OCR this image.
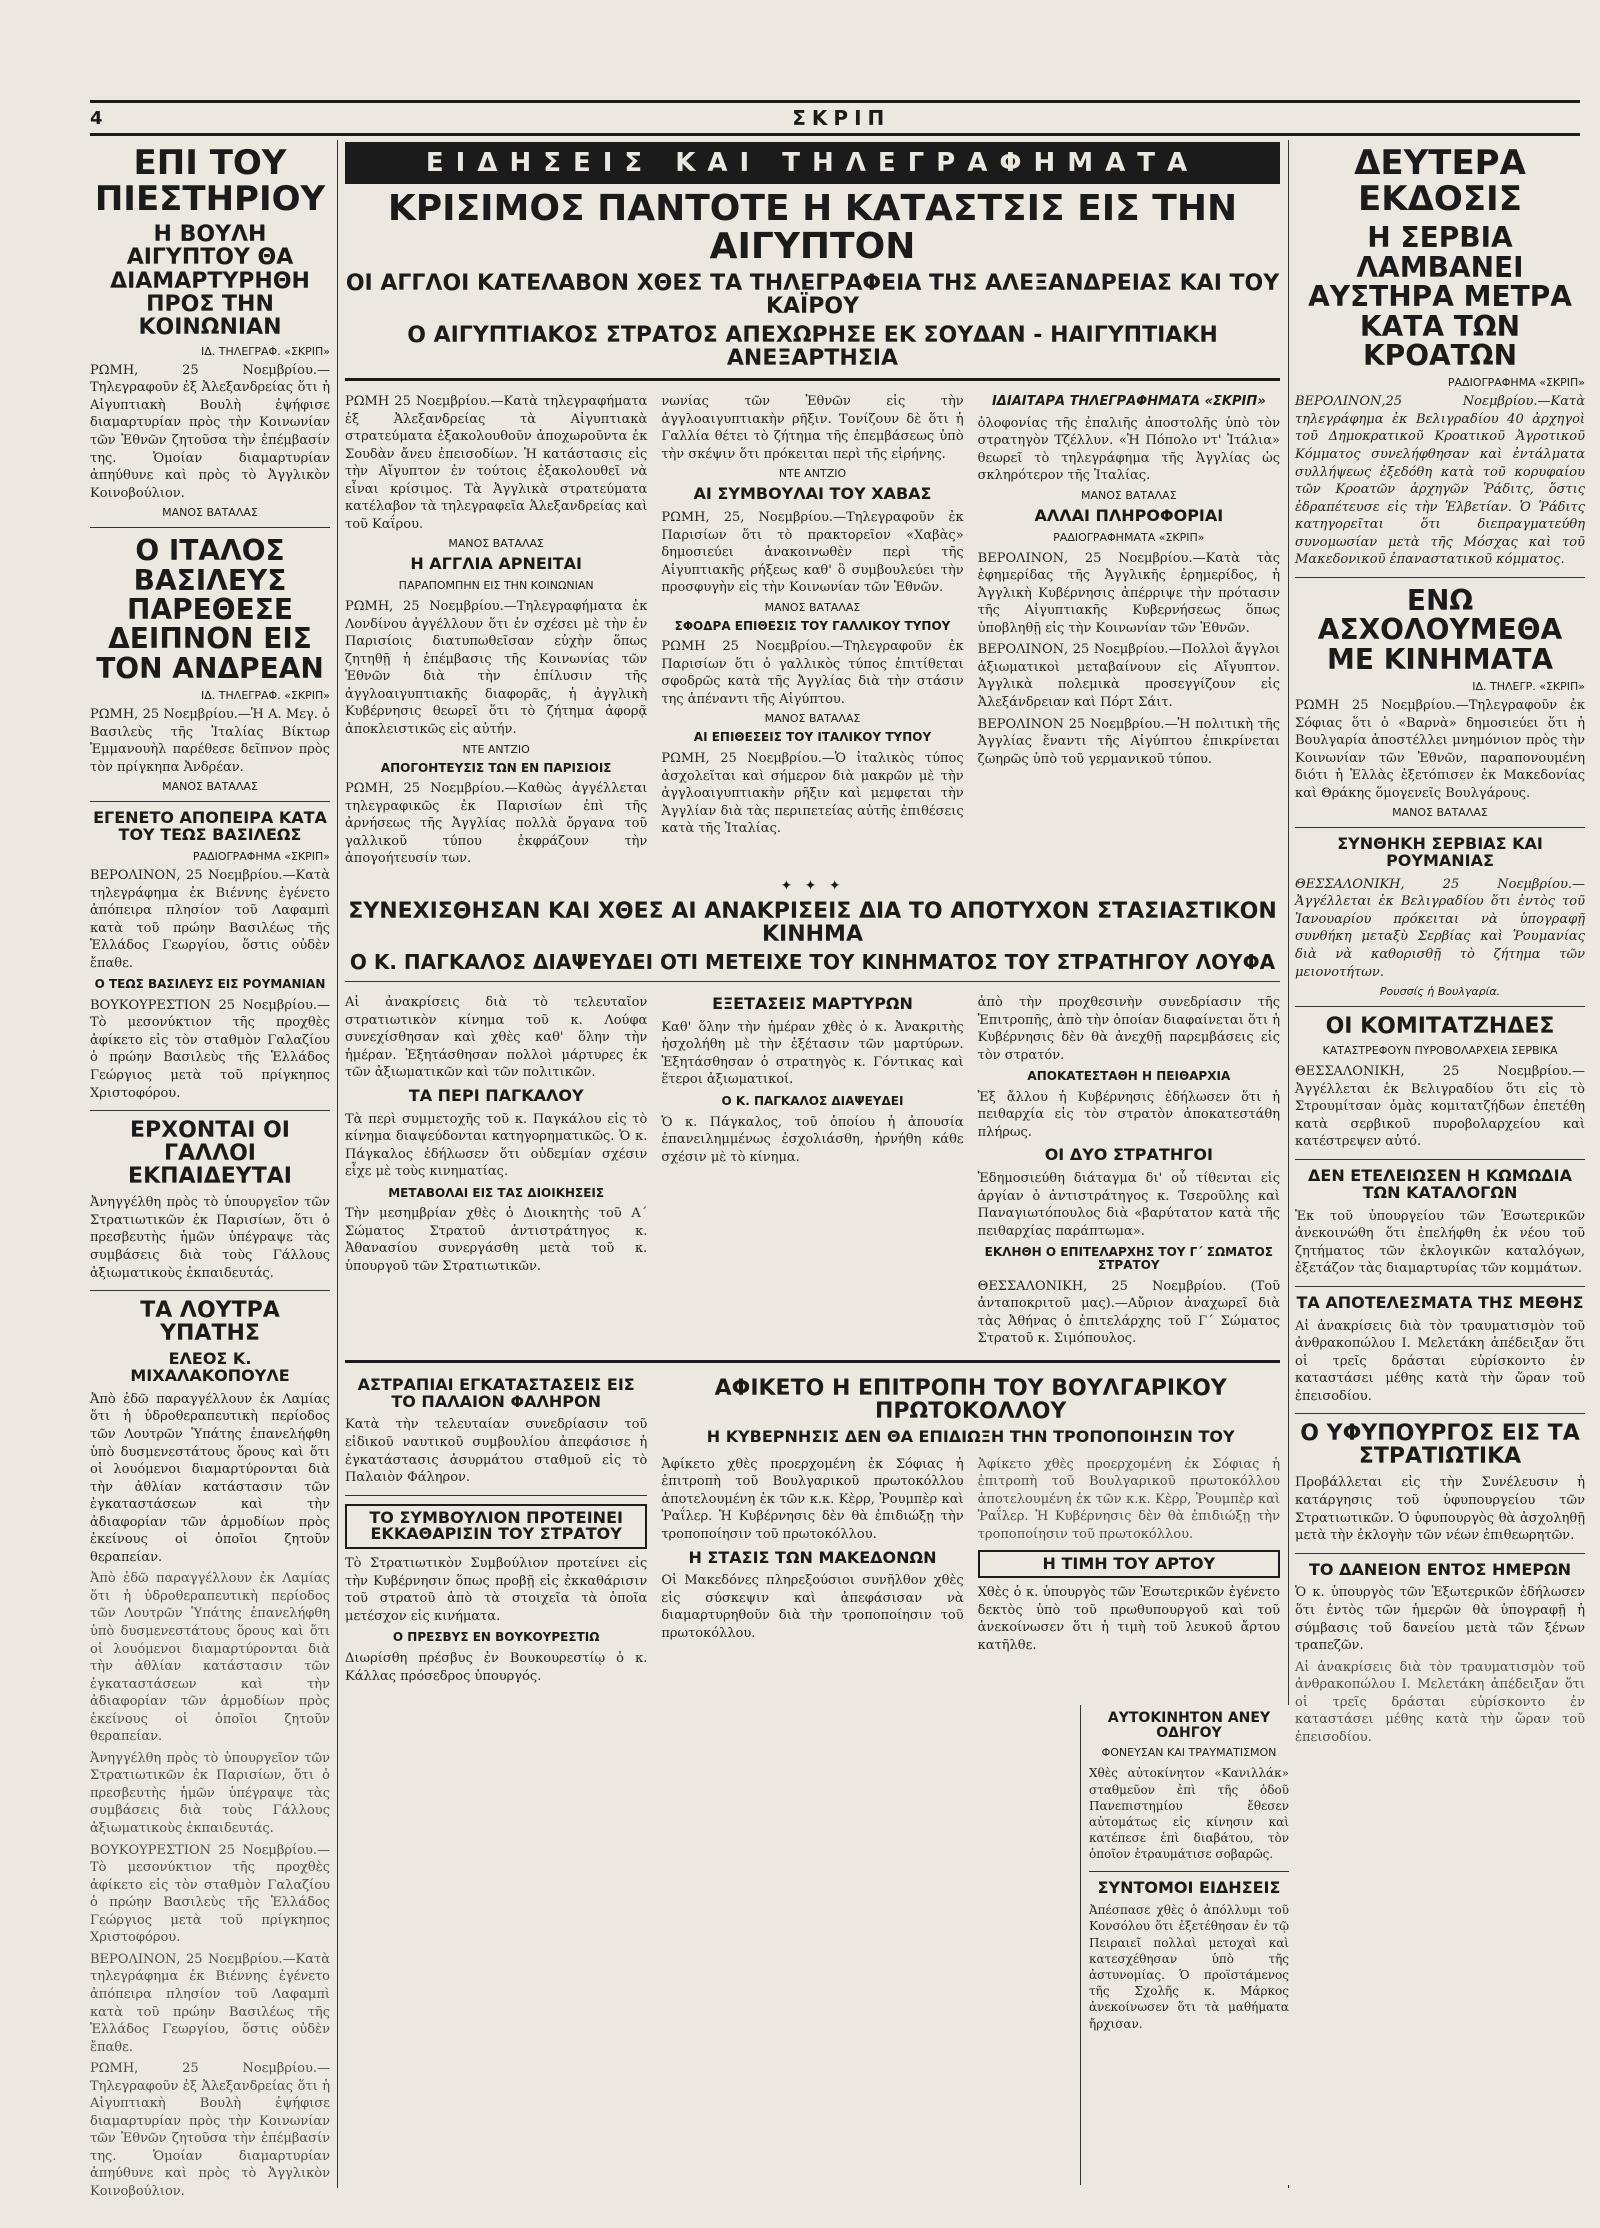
4	ΣΚΡΙΠ
ΕΠΙ ΤΟΥ ΠΙΕΣΤΗΡΙΟΥ
Η ΒΟΥΛΗ ΑΙΓΥΠΤΟΥ ΘΑ ΔΙΑΜΑΡΤΥΡΗΘΗ ΠΡΟΣ ΤΗΝ ΚΟΙΝΩΝΙΑΝ
ΙΔ. ΤΗΛΕΓΡΑΦ. «ΣΚΡΙΠ»
ΡΩΜΗ, 25 Νοεμβρίου.—Τηλεγραφοῦν ἐξ Ἀλεξανδρείας ὅτι ἡ Αἰγυπτιακὴ Βουλὴ ἐψήφισε διαμαρτυρίαν πρὸς τὴν Κοινωνίαν τῶν Ἐθνῶν ζητοῦσα τὴν ἐπέμβασίν της. Ὁμοίαν διαμαρτυρίαν ἀπηύθυνε καὶ πρὸς τὸ Ἀγγλικὸν Κοινοβούλιον.
ΜΑΝΟΣ ΒΑΤΑΛΑΣ
Ο ΙΤΑΛΟΣ ΒΑΣΙΛΕΥΣ ΠΑΡΕΘΕΣΕ ΔΕΙΠΝΟΝ ΕΙΣ ΤΟΝ ΑΝΔΡΕΑΝ
ΙΔ. ΤΗΛΕΓΡΑΦ. «ΣΚΡΙΠ»
ΡΩΜΗ, 25 Νοεμβρίου.—Ἡ Α. Μεγ. ὁ Βασιλεὺς τῆς Ἰταλίας Βίκτωρ Ἐμμανουὴλ παρέθεσε δεῖπνον πρὸς τὸν πρίγκηπα Ἀνδρέαν.
ΜΑΝΟΣ ΒΑΤΑΛΑΣ
ΕΓΕΝΕΤΟ ΑΠΟΠΕΙΡΑ ΚΑΤΑ ΤΟΥ ΤΕΩΣ ΒΑΣΙΛΕΩΣ
ΡΑΔΙΟΓΡΑΦΗΜΑ «ΣΚΡΙΠ»
ΒΕΡΟΛΙΝΟΝ, 25 Νοεμβρίου.—Κατὰ τηλεγράφημα ἐκ Βιέννης ἐγένετο ἀπόπειρα πλησίον τοῦ Λαφαμπὶ κατὰ τοῦ πρώην Βασιλέως τῆς Ἑλλάδος Γεωργίου, ὅστις οὐδὲν ἔπαθε.
Ο ΤΕΩΣ ΒΑΣΙΛΕΥΣ ΕΙΣ ΡΟΥΜΑΝΙΑΝ
ΒΟΥΚΟΥΡΕΣΤΙΟΝ 25 Νοεμβρίου.—Τὸ μεσονύκτιον τῆς προχθὲς ἀφίκετο εἰς τὸν σταθμὸν Γαλαζίου ὁ πρώην Βασιλεὺς τῆς Ἑλλάδος Γεώργιος μετὰ τοῦ πρίγκηπος Χριστοφόρου.
ΕΡΧΟΝΤΑΙ ΟΙ ΓΑΛΛΟΙ ΕΚΠΑΙΔΕΥΤΑΙ
Ἀνηγγέλθη πρὸς τὸ ὑπουργεῖον τῶν Στρατιωτικῶν ἐκ Παρισίων, ὅτι ὁ πρεσβευτὴς ἡμῶν ὑπέγραψε τὰς συμβάσεις διὰ τοὺς Γάλλους ἀξιωματικοὺς ἐκπαιδευτάς.
ΤΑ ΛΟΥΤΡΑ ΥΠΑΤΗΣ
ΕΛΕΟΣ Κ. ΜΙΧΑΛΑΚΟΠΟΥΛΕ
Ἀπὸ ἐδῶ παραγγέλλουν ἐκ Λαμίας ὅτι ἡ ὑδροθεραπευτικὴ περίοδος τῶν Λουτρῶν Ὑπάτης ἐπανελήφθη ὑπὸ δυσμενεστάτους ὅρους καὶ ὅτι οἱ λουόμενοι διαμαρτύρονται διὰ τὴν ἀθλίαν κατάστασιν τῶν ἐγκαταστάσεων καὶ τὴν ἀδιαφορίαν τῶν ἁρμοδίων πρὸς ἐκείνους οἱ ὁποῖοι ζητοῦν θεραπείαν.
Ἀπὸ ἐδῶ παραγγέλλουν ἐκ Λαμίας ὅτι ἡ ὑδροθεραπευτικὴ περίοδος τῶν Λουτρῶν Ὑπάτης ἐπανελήφθη ὑπὸ δυσμενεστάτους ὅρους καὶ ὅτι οἱ λουόμενοι διαμαρτύρονται διὰ τὴν ἀθλίαν κατάστασιν τῶν ἐγκαταστάσεων καὶ τὴν ἀδιαφορίαν τῶν ἁρμοδίων πρὸς ἐκείνους οἱ ὁποῖοι ζητοῦν θεραπείαν.
Ἀνηγγέλθη πρὸς τὸ ὑπουργεῖον τῶν Στρατιωτικῶν ἐκ Παρισίων, ὅτι ὁ πρεσβευτὴς ἡμῶν ὑπέγραψε τὰς συμβάσεις διὰ τοὺς Γάλλους ἀξιωματικοὺς ἐκπαιδευτάς.
ΒΟΥΚΟΥΡΕΣΤΙΟΝ 25 Νοεμβρίου.—Τὸ μεσονύκτιον τῆς προχθὲς ἀφίκετο εἰς τὸν σταθμὸν Γαλαζίου ὁ πρώην Βασιλεὺς τῆς Ἑλλάδος Γεώργιος μετὰ τοῦ πρίγκηπος Χριστοφόρου.
ΒΕΡΟΛΙΝΟΝ, 25 Νοεμβρίου.—Κατὰ τηλεγράφημα ἐκ Βιέννης ἐγένετο ἀπόπειρα πλησίον τοῦ Λαφαμπὶ κατὰ τοῦ πρώην Βασιλέως τῆς Ἑλλάδος Γεωργίου, ὅστις οὐδὲν ἔπαθε.
ΡΩΜΗ, 25 Νοεμβρίου.—Τηλεγραφοῦν ἐξ Ἀλεξανδρείας ὅτι ἡ Αἰγυπτιακὴ Βουλὴ ἐψήφισε διαμαρτυρίαν πρὸς τὴν Κοινωνίαν τῶν Ἐθνῶν ζητοῦσα τὴν ἐπέμβασίν της. Ὁμοίαν διαμαρτυρίαν ἀπηύθυνε καὶ πρὸς τὸ Ἀγγλικὸν Κοινοβούλιον.
ΕΙΔΗΣΕΙΣ ΚΑΙ ΤΗΛΕΓΡΑΦΗΜΑΤΑ
ΚΡΙΣΙΜΟΣ ΠΑΝΤΟΤΕ Η ΚΑΤΑΣΤΣΙΣ ΕΙΣ ΤΗΝ ΑΙΓΥΠΤΟΝ
ΟΙ ΑΓΓΛΟΙ ΚΑΤΕΛΑΒΟΝ ΧΘΕΣ ΤΑ ΤΗΛΕΓΡΑΦΕΙΑ ΤΗΣ ΑΛΕΞΑΝΔΡΕΙΑΣ ΚΑΙ ΤΟΥ ΚΑΪΡΟΥ
Ο ΑΙΓΥΠΤΙΑΚΟΣ ΣΤΡΑΤΟΣ ΑΠΕΧΩΡΗΣΕ ΕΚ ΣΟΥΔΑΝ - ΗΑΙΓΥΠΤΙΑΚΗ ΑΝΕΞΑΡΤΗΣΙΑ
ΡΩΜΗ 25 Νοεμβρίου.—Κατὰ τηλεγραφήματα ἐξ Ἀλεξανδρείας τὰ Αἰγυπτιακὰ στρατεύματα ἐξακολουθοῦν ἀποχωροῦντα ἐκ Σουδὰν ἄνευ ἐπεισοδίων. Ἡ κατάστασις εἰς τὴν Αἴγυπτον ἐν τούτοις ἐξακολουθεῖ νὰ εἶναι κρίσιμος. Τὰ Ἀγγλικὰ στρατεύματα κατέλαβον τὰ τηλεγραφεῖα Ἀλεξανδρείας καὶ τοῦ Καΐρου.
ΜΑΝΟΣ ΒΑΤΑΛΑΣ
Η ΑΓΓΛΙΑ ΑΡΝΕΙΤΑΙ
ΠΑΡΑΠΟΜΠΗΝ ΕΙΣ ΤΗΝ ΚΟΙΝΩΝΙΑΝ
ΡΩΜΗ, 25 Νοεμβρίου.—Τηλεγραφήματα ἐκ Λονδίνου ἀγγέλλουν ὅτι ἐν σχέσει μὲ τὴν ἐν Παρισίοις διατυπωθεῖσαν εὐχὴν ὅπως ζητηθῇ ἡ ἐπέμβασις τῆς Κοινωνίας τῶν Ἐθνῶν διὰ τὴν ἐπίλυσιν τῆς ἀγγλοαιγυπτιακῆς διαφορᾶς, ἡ ἀγγλικὴ Κυβέρνησις θεωρεῖ ὅτι τὸ ζήτημα ἀφορᾷ ἀποκλειστικῶς εἰς αὐτήν.
ΝΤΕ ΑΝΤΖΙΟ
ΑΠΟΓΟΗΤΕΥΣΙΣ ΤΩΝ ΕΝ ΠΑΡΙΣΙΟΙΣ
ΡΩΜΗ, 25 Νοεμβρίου.—Καθὼς ἀγγέλλεται τηλεγραφικῶς ἐκ Παρισίων ἐπὶ τῆς ἀρνήσεως τῆς Ἀγγλίας πολλὰ ὄργανα τοῦ γαλλικοῦ τύπου ἐκφράζουν τὴν ἀπογοήτευσίν των.
νωνίας τῶν Ἐθνῶν εἰς τὴν ἀγγλοαιγυπτιακὴν ρῆξιν. Τονίζουν δὲ ὅτι ἡ Γαλλία θέτει τὸ ζήτημα τῆς ἐπεμβάσεως ὑπὸ τὴν σκέψιν ὅτι πρόκειται περὶ τῆς εἰρήνης.
ΝΤΕ ΑΝΤΖΙΟ
ΑΙ ΣΥΜΒΟΥΛΑΙ ΤΟΥ ΧΑΒΑΣ
ΡΩΜΗ, 25, Νοεμβρίου.—Τηλεγραφοῦν ἐκ Παρισίων ὅτι τὸ πρακτορεῖον «Χαβὰς» δημοσιεύει ἀνακοινωθὲν περὶ τῆς Αἰγυπτιακῆς ρήξεως καθ' ὃ συμβουλεύει τὴν προσφυγὴν εἰς τὴν Κοινωνίαν τῶν Ἐθνῶν.
ΜΑΝΟΣ ΒΑΤΑΛΑΣ
ΣΦΟΔΡΑ ΕΠΙΘΕΣΙΣ ΤΟΥ ΓΑΛΛΙΚΟΥ ΤΥΠΟΥ
ΡΩΜΗ 25 Νοεμβρίου.—Τηλεγραφοῦν ἐκ Παρισίων ὅτι ὁ γαλλικὸς τύπος ἐπιτίθεται σφοδρῶς κατὰ τῆς Ἀγγλίας διὰ τὴν στάσιν της ἀπέναντι τῆς Αἰγύπτου.
ΜΑΝΟΣ ΒΑΤΑΛΑΣ
ΑΙ ΕΠΙΘΕΣΕΙΣ ΤΟΥ ΙΤΑΛΙΚΟΥ ΤΥΠΟΥ
ΡΩΜΗ, 25 Νοεμβρίου.—Ὁ ἰταλικὸς τύπος ἀσχολεῖται καὶ σήμερον διὰ μακρῶν μὲ τὴν ἀγγλοαιγυπτιακὴν ρῆξιν καὶ μεμφεται τὴν Ἀγγλίαν διὰ τὰς περιπετείας αὐτῆς ἐπιθέσεις κατὰ τῆς Ἰταλίας.
ΙΔΙΑΙΤΑΡΑ ΤΗΛΕΓΡΑΦΗΜΑΤΑ «ΣΚΡΙΠ»
ὀλοφονίας τῆς ἐπαλιῆς ἀποστολῆς ὑπὸ τὸν στρατηγὸν Τζέλλυν. «Ἡ Πόπολο ντ' Ἰτάλια» θεωρεῖ τὸ τηλεγράφημα τῆς Ἀγγλίας ὡς σκληρότερον τῆς Ἰταλίας.
ΜΑΝΟΣ ΒΑΤΑΛΑΣ
ΑΛΛΑΙ ΠΛΗΡΟΦΟΡΙΑΙ
ΡΑΔΙΟΓΡΑΦΗΜΑΤΑ «ΣΚΡΙΠ»
ΒΕΡΟΛΙΝΟΝ, 25 Νοεμβρίου.—Κατὰ τὰς ἐφημερίδας τῆς Ἀγγλικῆς ἐρημερίδος, ἡ Ἀγγλικὴ Κυβέρνησις ἀπέρριψε τὴν πρότασιν τῆς Αἰγυπτιακῆς Κυβερνήσεως ὅπως ὑποβληθῇ εἰς τὴν Κοινωνίαν τῶν Ἐθνῶν.
ΒΕΡΟΛΙΝΟΝ, 25 Νοεμβρίου.—Πολλοὶ ἄγγλοι ἀξιωματικοὶ μεταβαίνουν εἰς Αἴγυπτον. Ἀγγλικὰ πολεμικὰ προσεγγίζουν εἰς Ἀλεξάνδρειαν καὶ Πόρτ Σάιτ.
ΒΕΡΟΛΙΝΟΝ 25 Νοεμβρίου.—Ἡ πολιτικὴ τῆς Ἀγγλίας ἔναντι τῆς Αἰγύπτου ἐπικρίνεται ζωηρῶς ὑπὸ τοῦ γερμανικοῦ τύπου.
✦ ✦ ✦
ΣΥΝΕΧΙΣΘΗΣΑΝ ΚΑΙ ΧΘΕΣ ΑΙ ΑΝΑΚΡΙΣΕΙΣ ΔΙΑ ΤΟ ΑΠΟΤΥΧΟΝ ΣΤΑΣΙΑΣΤΙΚΟΝ ΚΙΝΗΜΑ
Ο Κ. ΠΑΓΚΑΛΟΣ ΔΙΑΨΕΥΔΕΙ ΟΤΙ ΜΕΤΕΙΧΕ ΤΟΥ ΚΙΝΗΜΑΤΟΣ ΤΟΥ ΣΤΡΑΤΗΓΟΥ ΛΟΥΦΑ
Αἱ ἀνακρίσεις διὰ τὸ τελευταῖον στρατιωτικὸν κίνημα τοῦ κ. Λούφα συνεχίσθησαν καὶ χθὲς καθ' ὅλην τὴν ἡμέραν. Ἐξητάσθησαν πολλοὶ μάρτυρες ἐκ τῶν ἀξιωματικῶν καὶ τῶν πολιτικῶν.
ΤΑ ΠΕΡΙ ΠΑΓΚΑΛΟΥ
Τὰ περὶ συμμετοχῆς τοῦ κ. Παγκάλου εἰς τὸ κίνημα διαψεύδονται κατηγορηματικῶς. Ὁ κ. Πάγκαλος ἐδήλωσεν ὅτι οὐδεμίαν σχέσιν εἶχε μὲ τοὺς κινηματίας.
ΜΕΤΑΒΟΛΑΙ ΕΙΣ ΤΑΣ ΔΙΟΙΚΗΣΕΙΣ
Τὴν μεσημβρίαν χθὲς ὁ Διοικητὴς τοῦ Α΄ Σώματος Στρατοῦ ἀντιστράτηγος κ. Ἀθανασίου συνεργάσθη μετὰ τοῦ κ. ὑπουργοῦ τῶν Στρατιωτικῶν.
ΕΞΕΤΑΣΕΙΣ ΜΑΡΤΥΡΩΝ
Καθ' ὅλην τὴν ἡμέραν χθὲς ὁ κ. Ἀνακριτὴς ἠσχολήθη μὲ τὴν ἐξέτασιν τῶν μαρτύρων. Ἐξητάσθησαν ὁ στρατηγὸς κ. Γόντικας καὶ ἕτεροι ἀξιωματικοί.
Ο Κ. ΠΑΓΚΑΛΟΣ ΔΙΑΨΕΥΔΕΙ
Ὁ κ. Πάγκαλος, τοῦ ὁποίου ἡ ἀπουσία ἐπανειλημμένως ἐσχολιάσθη, ἠρνήθη κάθε σχέσιν μὲ τὸ κίνημα.
ἀπὸ τὴν προχθεσινὴν συνεδρίασιν τῆς Ἐπιτροπῆς, ἀπὸ τὴν ὁποίαν διαφαίνεται ὅτι ἡ Κυβέρνησις δὲν θὰ ἀνεχθῇ παρεμβάσεις εἰς τὸν στρατόν.
ΑΠΟΚΑΤΕΣΤΑΘΗ Η ΠΕΙΘΑΡΧΙΑ
Ἐξ ἄλλου ἡ Κυβέρνησις ἐδήλωσεν ὅτι ἡ πειθαρχία εἰς τὸν στρατὸν ἀποκατεστάθη πλήρως.
ΟΙ ΔΥΟ ΣΤΡΑΤΗΓΟΙ
Ἐδημοσιεύθη διάταγμα δι' οὗ τίθενται εἰς ἀργίαν ὁ ἀντιστράτηγος κ. Τσεροῦλης καὶ Παναγιωτόπουλος διὰ «βαρύτατον κατὰ τῆς πειθαρχίας παράπτωμα».
ΕΚΛΗΘΗ Ο ΕΠΙΤΕΛΑΡΧΗΣ ΤΟΥ Γ΄ ΣΩΜΑΤΟΣ ΣΤΡΑΤΟΥ
ΘΕΣΣΑΛΟΝΙΚΗ, 25 Νοεμβρίου. (Τοῦ ἀνταποκριτοῦ μας).—Αὔριον ἀναχωρεῖ διὰ τὰς Ἀθήνας ὁ ἐπιτελάρχης τοῦ Γ΄ Σώματος Στρατοῦ κ. Σιμόπουλος.
ΑΣΤΡΑΠΙΑΙ ΕΓΚΑΤΑΣΤΑΣΕΙΣ ΕΙΣ ΤΟ ΠΑΛΑΙΟΝ ΦΑΛΗΡΟΝ
Κατὰ τὴν τελευταίαν συνεδρίασιν τοῦ εἰδικοῦ ναυτικοῦ συμβουλίου ἀπεφάσισε ἡ ἐγκατάστασις ἀσυρμάτου σταθμοῦ εἰς τὸ Παλαιὸν Φάληρον.
ΤΟ ΣΥΜΒΟΥΛΙΟΝ ΠΡΟΤΕΙΝΕΙ ΕΚΚΑΘΑΡΙΣΙΝ ΤΟΥ ΣΤΡΑΤΟΥ
Τὸ Στρατιωτικὸν Συμβούλιον προτείνει εἰς τὴν Κυβέρνησιν ὅπως προβῇ εἰς ἐκκαθάρισιν τοῦ στρατοῦ ἀπὸ τὰ στοιχεῖα τὰ ὁποῖα μετέσχον εἰς κινήματα.
Ο ΠΡΕΣΒΥΣ ΕΝ ΒΟΥΚΟΥΡΕΣΤΙΩ
Διωρίσθη πρέσβυς ἐν Βουκουρεστίῳ ὁ κ. Κάλλας πρόσεδρος ὑπουργός.
ΑΦΙΚΕΤΟ Η ΕΠΙΤΡΟΠΗ ΤΟΥ ΒΟΥΛΓΑΡΙΚΟΥ ΠΡΩΤΟΚΟΛΛΟΥ
Η ΚΥΒΕΡΝΗΣΙΣ ΔΕΝ ΘΑ ΕΠΙΔΙΩΞΗ ΤΗΝ ΤΡΟΠΟΠΟΙΗΣΙΝ ΤΟΥ
Ἀφίκετο χθὲς προερχομένη ἐκ Σόφιας ἡ ἐπιτροπὴ τοῦ Βουλγαρικοῦ πρωτοκόλλου ἀποτελουμένη ἐκ τῶν κ.κ. Κὲρρ, Ῥουμπὲρ καὶ Ῥαΐλερ. Ἡ Κυβέρνησις δὲν θὰ ἐπιδιώξῃ τὴν τροποποίησιν τοῦ πρωτοκόλλου.
Η ΣΤΑΣΙΣ ΤΩΝ ΜΑΚΕΔΟΝΩΝ
Οἱ Μακεδόνες πληρεξούσιοι συνῆλθον χθὲς εἰς σύσκεψιν καὶ ἀπεφάσισαν νὰ διαμαρτυρηθοῦν διὰ τὴν τροποποίησιν τοῦ πρωτοκόλλου.
Ἀφίκετο χθὲς προερχομένη ἐκ Σόφιας ἡ ἐπιτροπὴ τοῦ Βουλγαρικοῦ πρωτοκόλλου ἀποτελουμένη ἐκ τῶν κ.κ. Κὲρρ, Ῥουμπὲρ καὶ Ῥαΐλερ. Ἡ Κυβέρνησις δὲν θὰ ἐπιδιώξῃ τὴν τροποποίησιν τοῦ πρωτοκόλλου.
Η ΤΙΜΗ ΤΟΥ ΑΡΤΟΥ
Χθὲς ὁ κ. ὑπουργὸς τῶν Ἐσωτερικῶν ἐγένετο δεκτὸς ὑπὸ τοῦ πρωθυπουργοῦ καὶ τοῦ ἀνεκοίνωσεν ὅτι ἡ τιμὴ τοῦ λευκοῦ ἄρτου κατῆλθε.
ΔΕΥΤΕΡΑ ΕΚΔΟΣΙΣ
Η ΣΕΡΒΙΑ ΛΑΜΒΑΝΕΙ ΑΥΣΤΗΡΑ ΜΕΤΡΑ ΚΑΤΑ ΤΩΝ ΚΡΟΑΤΩΝ
ΡΑΔΙΟΓΡΑΦΗΜΑ «ΣΚΡΙΠ»
ΒΕΡΟΛΙΝΟΝ,25 Νοεμβρίου.—Κατὰ τηλεγράφημα ἐκ Βελιγραδίου 40 ἀρχηγοὶ τοῦ Δημοκρατικοῦ Κροατικοῦ Ἀγροτικοῦ Κόμματος συνελήφθησαν καὶ ἐντάλματα συλλήψεως ἐξεδόθη κατὰ τοῦ κορυφαίου τῶν Κροατῶν ἀρχηγῶν Ῥάδιτς, ὅστις ἐδραπέτευσε εἰς τὴν Ἑλβετίαν. Ὁ Ῥάδιτς κατηγορεῖται ὅτι διεπραγματεύθη συνομωσίαν μετὰ τῆς Μόσχας καὶ τοῦ Μακεδονικοῦ ἐπαναστατικοῦ κόμματος.
ΕΝΩ ΑΣΧΟΛΟΥΜΕΘΑ ΜΕ ΚΙΝΗΜΑΤΑ
ΙΔ. ΤΗΛΕΓΡ. «ΣΚΡΙΠ»
ΡΩΜΗ 25 Νοεμβρίου.—Τηλεγραφοῦν ἐκ Σόφιας ὅτι ὁ «Βαρνὰ» δημοσιεύει ὅτι ἡ Βουλγαρία ἀποστέλλει μνημόνιον πρὸς τὴν Κοινωνίαν τῶν Ἐθνῶν, παραπονουμένη διότι ἡ Ἑλλὰς ἐξετόπισεν ἐκ Μακεδονίας καὶ Θράκης ὅμογενεῖς Βουλγάρους.
ΜΑΝΟΣ ΒΑΤΑΛΑΣ
ΣΥΝΘΗΚΗ ΣΕΡΒΙΑΣ ΚΑΙ ΡΟΥΜΑΝΙΑΣ
ΘΕΣΣΑΛΟΝΙΚΗ, 25 Νοεμβρίου.—Ἀγγέλλεται ἐκ Βελιγραδίου ὅτι ἐντὸς τοῦ Ἰανουαρίου πρόκειται νὰ ὑπογραφῇ συνθήκη μεταξὺ Σερβίας καὶ Ῥουμανίας διὰ νὰ καθορισθῇ τὸ ζήτημα τῶν μειονοτήτων.
Ρουσσίς ἡ Βουλγαρία.
ΟΙ ΚΟΜΙΤΑΤΖΗΔΕΣ
ΚΑΤΑΣΤΡΕΦΟΥΝ ΠΥΡΟΒΟΛΑΡΧΕΙΑ ΣΕΡΒΙΚΑ
ΘΕΣΣΑΛΟΝΙΚΗ, 25 Νοεμβρίου.—Ἀγγέλλεται ἐκ Βελιγραδίου ὅτι εἰς τὸ Στρουμίτσαν ὁμὰς κομιτατζήδων ἐπετέθη κατὰ σερβικοῦ πυροβολαρχείου καὶ κατέστρεψεν αὐτό.
ΔΕΝ ΕΤΕΛΕΙΩΣΕΝ Η ΚΩΜΩΔΙΑ ΤΩΝ ΚΑΤΑΛΟΓΩΝ
Ἐκ τοῦ ὑπουργείου τῶν Ἐσωτερικῶν ἀνεκοινώθη ὅτι ἐπελήφθη ἐκ νέου τοῦ ζητήματος τῶν ἐκλογικῶν καταλόγων, ἐξετάζον τὰς διαμαρτυρίας τῶν κομμάτων.
ΤΑ ΑΠΟΤΕΛΕΣΜΑΤΑ ΤΗΣ ΜΕΘΗΣ
Αἱ ἀνακρίσεις διὰ τὸν τραυματισμὸν τοῦ ἀνθρακοπώλου Ι. Μελετάκη ἀπέδειξαν ὅτι οἱ τρεῖς δράσται εὑρίσκοντο ἐν καταστάσει μέθης κατὰ τὴν ὥραν τοῦ ἐπεισοδίου.
Ο ΥΦΥΠΟΥΡΓΟΣ ΕΙΣ ΤΑ ΣΤΡΑΤΙΩΤΙΚΑ
Προβάλλεται εἰς τὴν Συνέλευσιν ἡ κατάργησις τοῦ ὑφυπουργείου τῶν Στρατιωτικῶν. Ὁ ὑφυπουργὸς θὰ ἀσχοληθῇ μετὰ τὴν ἐκλογὴν τῶν νέων ἐπιθεωρητῶν.
ΤΟ ΔΑΝΕΙΟΝ ΕΝΤΟΣ ΗΜΕΡΩΝ
Ὁ κ. ὑπουργὸς τῶν Ἐξωτερικῶν ἐδήλωσεν ὅτι ἐντὸς τῶν ἡμερῶν θὰ ὑπογραφῇ ἡ σύμβασις τοῦ δανείου μετὰ τῶν ξένων τραπεζῶν.
Αἱ ἀνακρίσεις διὰ τὸν τραυματισμὸν τοῦ ἀνθρακοπώλου Ι. Μελετάκη ἀπέδειξαν ὅτι οἱ τρεῖς δράσται εὑρίσκοντο ἐν καταστάσει μέθης κατὰ τὴν ὥραν τοῦ ἐπεισοδίου.
ΑΥΤΟΚΙΝΗΤΟΝ ΑΝΕΥ ΟΔΗΓΟΥ
ΦΟΝΕΥΣΑΝ ΚΑΙ ΤΡΑΥΜΑΤΙΣΜΟΝ
Χθὲς αὐτοκίνητον «Κανιλλάκ» σταθμεῦον ἐπὶ τῆς ὁδοῦ Πανεπιστημίου ἔθεσεν αὐτομάτως εἰς κίνησιν καὶ κατέπεσε ἐπὶ διαβάτου, τὸν ὁποῖον ἐτραυμάτισε σοβαρῶς.
ΣΥΝΤΟΜΟΙ ΕΙΔΗΣΕΙΣ
Ἀπέσπασε χθὲς ὁ ἀπόλλυμι τοῦ Κονσόλου ὅτι ἐξετέθησαν ἐν τῷ Πειραιεῖ πολλαὶ μετοχαὶ καὶ κατεσχέθησαν ὑπὸ τῆς ἀστυνομίας. Ὁ προϊστάμενος τῆς Σχολῆς κ. Μάρκος ἀνεκοίνωσεν ὅτι τὰ μαθήματα ἤρχισαν.
